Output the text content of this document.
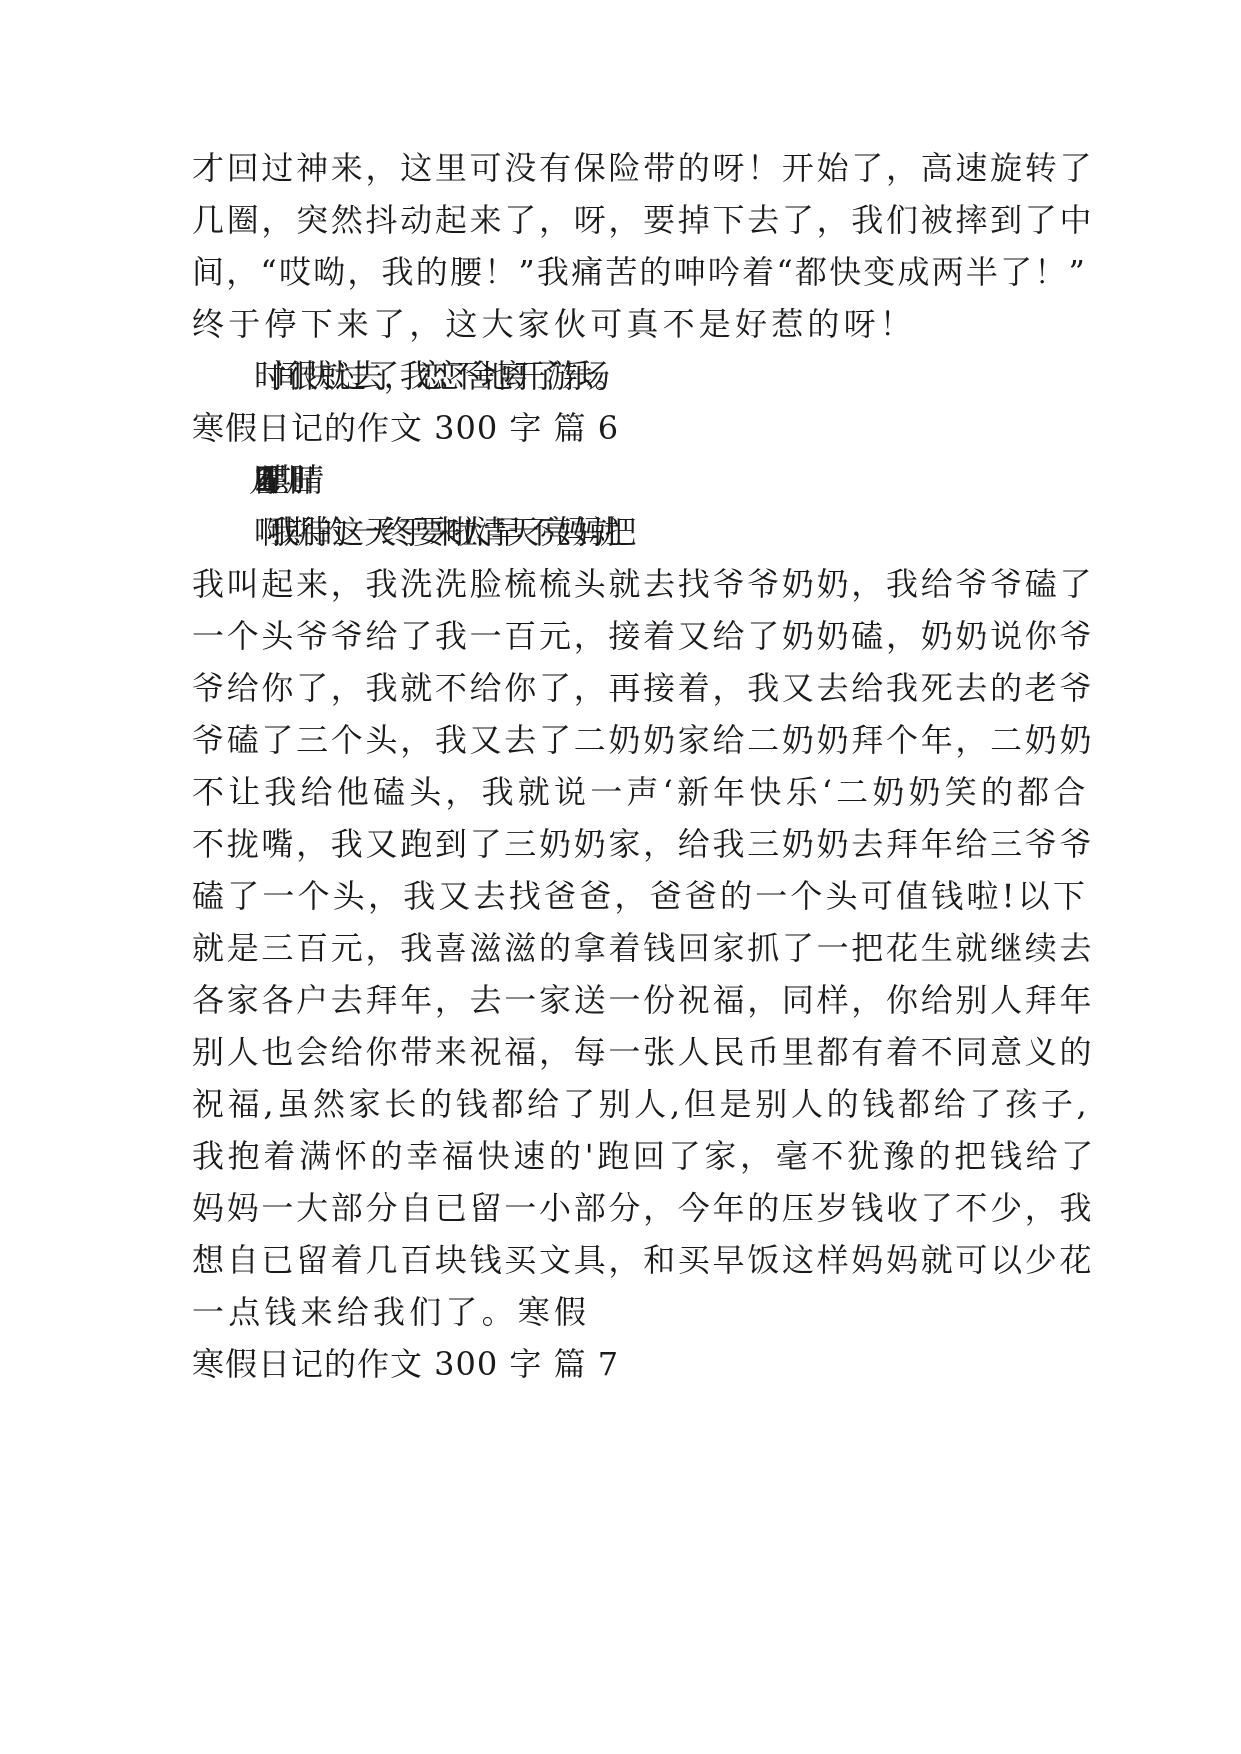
才回过神来，这里可没有保险带的呀！开始了，高速旋转了

几圈，突然抖动起来了，呀，要掉下去了，我们被摔到了中

间，“哎呦，我的腰！”我痛苦的呻吟着“都快变成两半了！”

终于停下来了，这大家伙可真不是好惹的呀！

时间很快就过去了，我恋恋不舍地离开了游乐场。

寒假日记的作文 300 字 篇 6

2 月 14 日 星期日 晴

啊!我期待的这一天终于要来啦!大清早天不亮妈妈就把

我叫起来，我洗洗脸梳梳头就去找爷爷奶奶，我给爷爷磕了

一个头爷爷给了我一百元，接着又给了奶奶磕，奶奶说你爷

爷给你了，我就不给你了，再接着，我又去给我死去的老爷

爷磕了三个头，我又去了二奶奶家给二奶奶拜个年，二奶奶

不让我给他磕头，我就说一声‘新年快乐‘二奶奶笑的都合

不拢嘴，我又跑到了三奶奶家，给我三奶奶去拜年给三爷爷

磕了一个头，我又去找爸爸，爸爸的一个头可值钱啦!以下

就是三百元，我喜滋滋的拿着钱回家抓了一把花生就继续去

各家各户去拜年，去一家送一份祝福，同样，你给别人拜年

别人也会给你带来祝福，每一张人民币里都有着不同意义的

祝福,虽然家长的钱都给了别人,但是别人的钱都给了孩子,

我抱着满怀的幸福快速的'跑回了家，毫不犹豫的把钱给了

妈妈一大部分自已留一小部分，今年的压岁钱收了不少，我

想自已留着几百块钱买文具，和买早饭这样妈妈就可以少花

一点钱来给我们了。寒假

寒假日记的作文 300 字 篇 7
